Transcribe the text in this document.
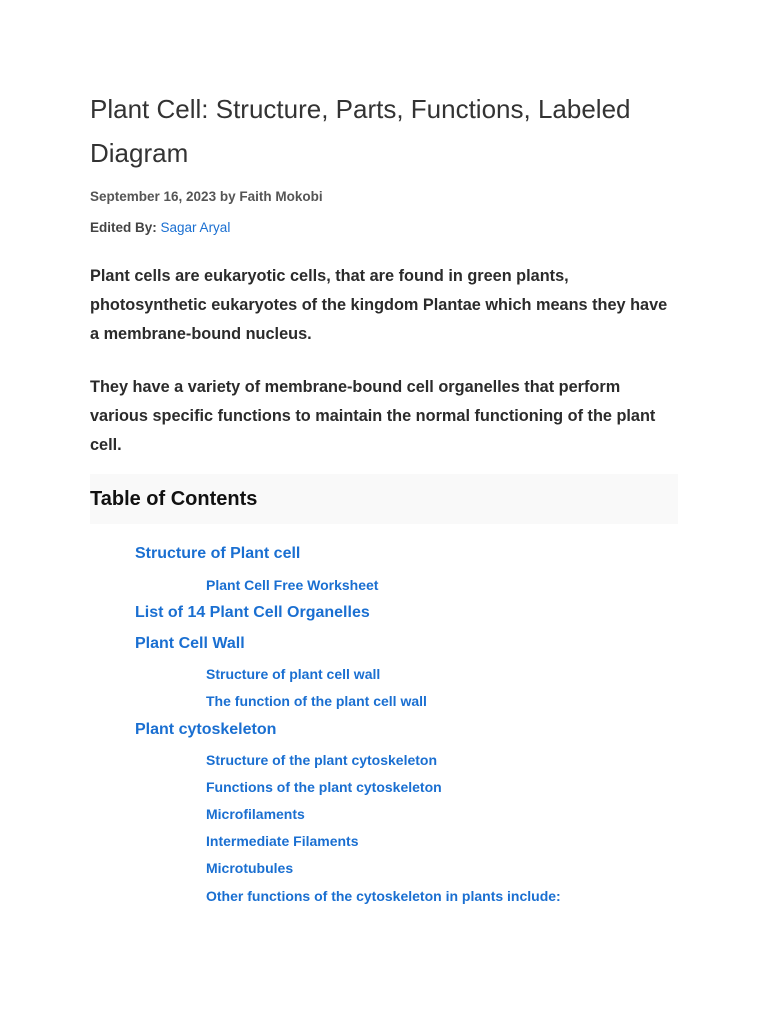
Plant Cell: Structure, Parts, Functions, Labeled Diagram
September 16, 2023 by Faith Mokobi
Edited By: Sagar Aryal

Plant cells are eukaryotic cells, that are found in green plants, photosynthetic eukaryotes of the kingdom Plantae which means they have a membrane-bound nucleus.

They have a variety of membrane-bound cell organelles that perform various specific functions to maintain the normal functioning of the plant cell.

Table of Contents
Structure of Plant cell
Plant Cell Free Worksheet
List of 14 Plant Cell Organelles
Plant Cell Wall
Structure of plant cell wall
The function of the plant cell wall
Plant cytoskeleton
Structure of the plant cytoskeleton
Functions of the plant cytoskeleton
Microfilaments
Intermediate Filaments
Microtubules
Other functions of the cytoskeleton in plants include:
